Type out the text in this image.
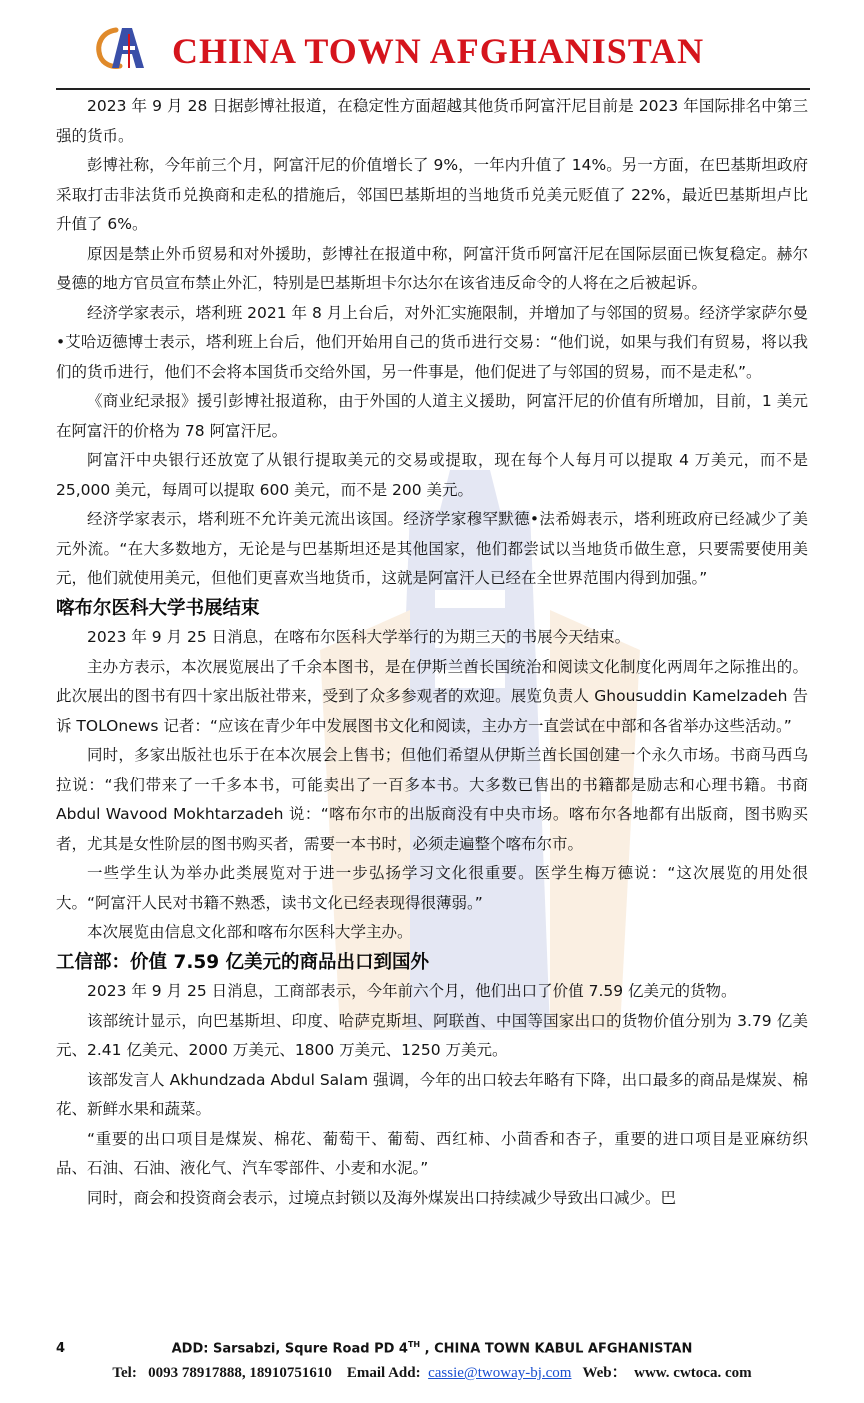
CHINA TOWN AFGHANISTAN

2023 年 9 月 28 日据彭博社报道，在稳定性方面超越其他货币阿富汗尼目前是 2023 年国际排名中第三强的货币。

彭博社称，今年前三个月，阿富汗尼的价值增长了 9%，一年内升值了 14%。另一方面，在巴基斯坦政府采取打击非法货币兑换商和走私的措施后，邻国巴基斯坦的当地货币兑美元贬值了 22%，最近巴基斯坦卢比升值了 6%。

原因是禁止外币贸易和对外援助，彭博社在报道中称，阿富汗货币阿富汗尼在国际层面已恢复稳定。赫尔曼德的地方官员宣布禁止外汇，特别是巴基斯坦卡尔达尔在该省违反命令的人将在之后被起诉。

经济学家表示，塔利班 2021 年 8 月上台后，对外汇实施限制，并增加了与邻国的贸易。经济学家萨尔曼•艾哈迈德博士表示，塔利班上台后，他们开始用自己的货币进行交易：“他们说，如果与我们有贸易，将以我们的货币进行，他们不会将本国货币交给外国，另一件事是，他们促进了与邻国的贸易，而不是走私”。

《商业纪录报》援引彭博社报道称，由于外国的人道主义援助，阿富汗尼的价值有所增加，目前，1 美元在阿富汗的价格为 78 阿富汗尼。

阿富汗中央银行还放宽了从银行提取美元的交易或提取，现在每个人每月可以提取 4 万美元，而不是 25,000 美元，每周可以提取 600 美元，而不是 200 美元。

经济学家表示，塔利班不允许美元流出该国。经济学家穆罕默德•法希姆表示，塔利班政府已经减少了美元外流。“在大多数地方，无论是与巴基斯坦还是其他国家，他们都尝试以当地货币做生意，只要需要使用美元，他们就使用美元，但他们更喜欢当地货币，这就是阿富汗人已经在全世界范围内得到加强。”

喀布尔医科大学书展结束

2023 年 9 月 25 日消息，在喀布尔医科大学举行的为期三天的书展今天结束。

主办方表示，本次展览展出了千余本图书，是在伊斯兰酋长国统治和阅读文化制度化两周年之际推出的。此次展出的图书有四十家出版社带来，受到了众多参观者的欢迎。展览负责人 Ghousuddin Kamelzadeh 告诉 TOLOnews 记者：“应该在青少年中发展图书文化和阅读，主办方一直尝试在中部和各省举办这些活动。”

同时，多家出版社也乐于在本次展会上售书；但他们希望从伊斯兰酋长国创建一个永久市场。书商马西乌拉说：“我们带来了一千多本书，可能卖出了一百多本书。大多数已售出的书籍都是励志和心理书籍。书商 Abdul Wavood Mokhtarzadeh 说：“喀布尔市的出版商没有中央市场。喀布尔各地都有出版商，图书购买者，尤其是女性阶层的图书购买者，需要一本书时，必须走遍整个喀布尔市。

一些学生认为举办此类展览对于进一步弘扬学习文化很重要。医学生梅万德说：“这次展览的用处很大。“阿富汗人民对书籍不熟悉，读书文化已经表现得很薄弱。”

本次展览由信息文化部和喀布尔医科大学主办。

工信部：价值 7.59 亿美元的商品出口到国外

2023 年 9 月 25 日消息，工商部表示，今年前六个月，他们出口了价值 7.59 亿美元的货物。

该部统计显示，向巴基斯坦、印度、哈萨克斯坦、阿联酋、中国等国家出口的货物价值分别为 3.79 亿美元、2.41 亿美元、2000 万美元、1800 万美元、1250 万美元。

该部发言人 Akhundzada Abdul Salam 强调，今年的出口较去年略有下降，出口最多的商品是煤炭、棉花、新鲜水果和蔬菜。

“重要的出口项目是煤炭、棉花、葡萄干、葡萄、西红柿、小茴香和杏子，重要的进口项目是亚麻纺织品、石油、石油、液化气、汽车零部件、小麦和水泥。”

同时，商会和投资商会表示，过境点封锁以及海外煤炭出口持续减少导致出口减少。巴

4	ADD: Sarsabzi, Squre Road PD 4TH , CHINA TOWN KABUL AFGHANISTAN
Tel: 0093 78917888, 18910751610 Email Add: cassie@twoway-bj.com Web： www. cwtoca. com
